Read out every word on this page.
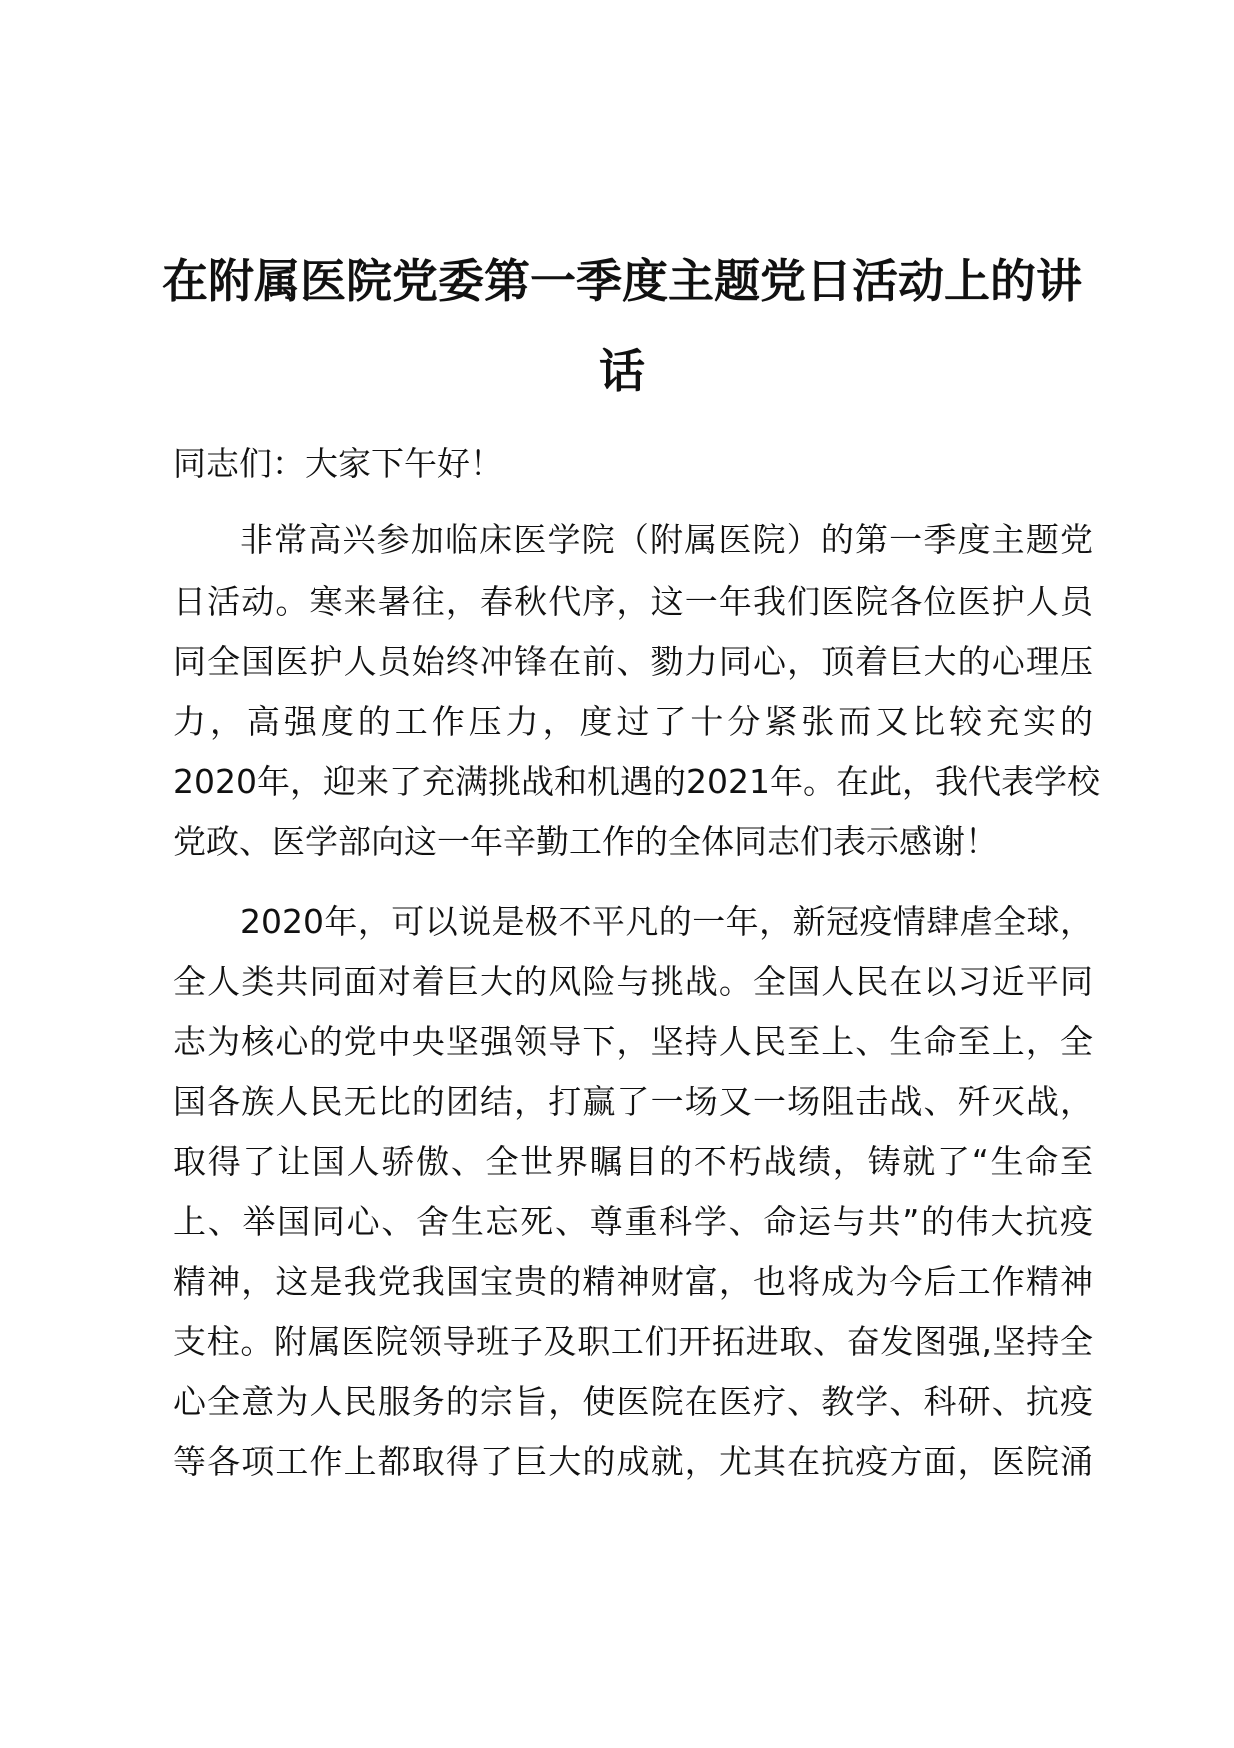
在附属医院党委第一季度主题党日活动上的讲
话
同志们：大家下午好！
非常高兴参加临床医学院（附属医院）的第一季度主题党
日活动。寒来暑往，春秋代序，这一年我们医院各位医护人员
同全国医护人员始终冲锋在前、勠力同心，顶着巨大的心理压
力，高强度的工作压力，度过了十分紧张而又比较充实的
2020年，迎来了充满挑战和机遇的2021年。在此，我代表学校
党政、医学部向这一年辛勤工作的全体同志们表示感谢！
2020年，可以说是极不平凡的一年，新冠疫情肆虐全球，
全人类共同面对着巨大的风险与挑战。全国人民在以习近平同
志为核心的党中央坚强领导下，坚持人民至上、生命至上，全
国各族人民无比的团结，打赢了一场又一场阻击战、歼灭战，
取得了让国人骄傲、全世界瞩目的不朽战绩，铸就了“生命至
上、举国同心、舍生忘死、尊重科学、命运与共”的伟大抗疫
精神，这是我党我国宝贵的精神财富，也将成为今后工作精神
支柱。附属医院领导班子及职工们开拓进取、奋发图强,坚持全
心全意为人民服务的宗旨，使医院在医疗、教学、科研、抗疫
等各项工作上都取得了巨大的成就，尤其在抗疫方面，医院涌
